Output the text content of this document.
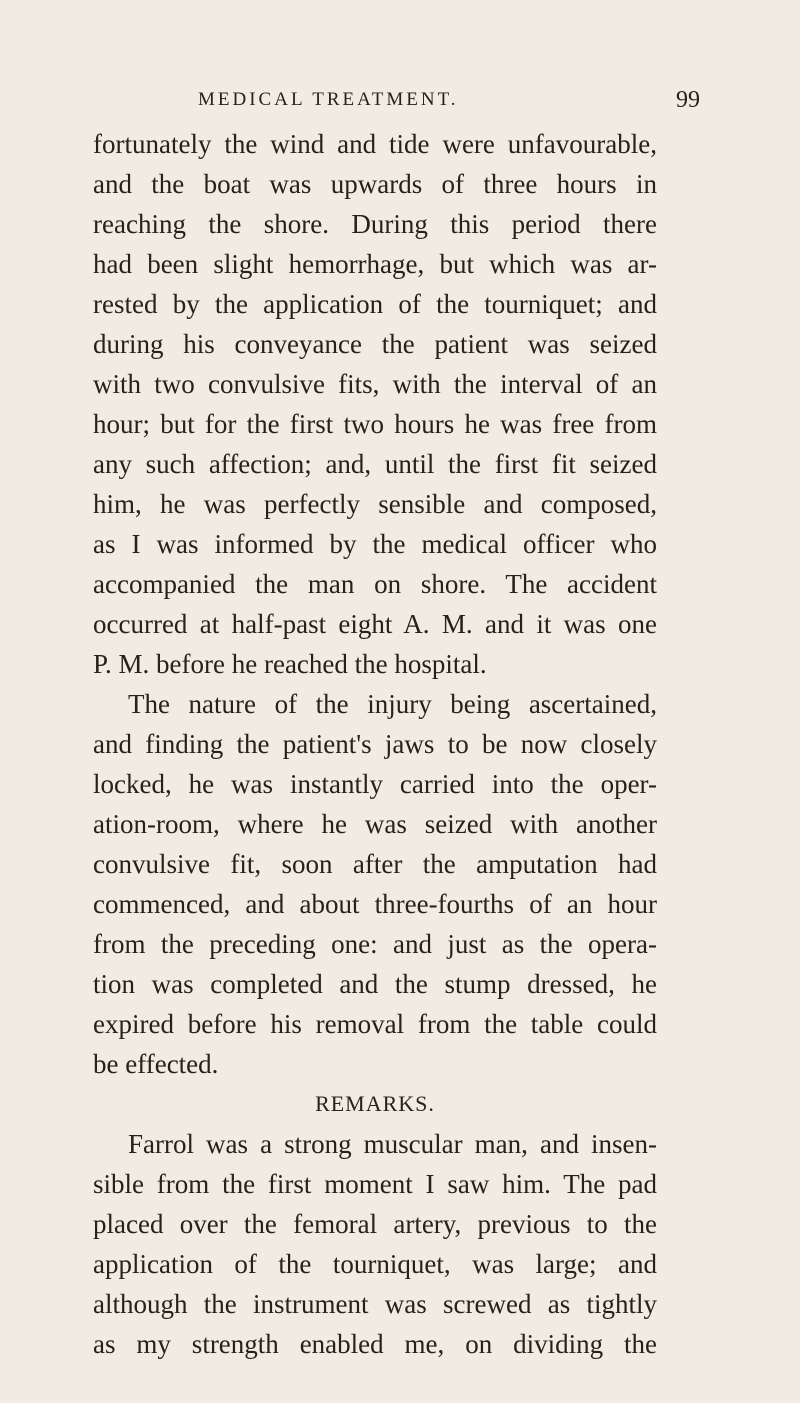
MEDICAL TREATMENT.	99
fortunately the wind and tide were unfavourable,
and the boat was upwards of three hours in
reaching the shore. During this period there
had been slight hemorrhage, but which was ar-
rested by the application of the tourniquet; and
during his conveyance the patient was seized
with two convulsive fits, with the interval of an
hour; but for the first two hours he was free from
any such affection; and, until the first fit seized
him, he was perfectly sensible and composed,
as I was informed by the medical officer who
accompanied the man on shore. The accident
occurred at half-past eight A. M. and it was one
P. M. before he reached the hospital.
The nature of the injury being ascertained,
and finding the patient's jaws to be now closely
locked, he was instantly carried into the oper-
ation-room, where he was seized with another
convulsive fit, soon after the amputation had
commenced, and about three-fourths of an hour
from the preceding one: and just as the opera-
tion was completed and the stump dressed, he
expired before his removal from the table could
be effected.
REMARKS.
Farrol was a strong muscular man, and insen-
sible from the first moment I saw him. The pad
placed over the femoral artery, previous to the
application of the tourniquet, was large; and
although the instrument was screwed as tightly
as my strength enabled me, on dividing the
